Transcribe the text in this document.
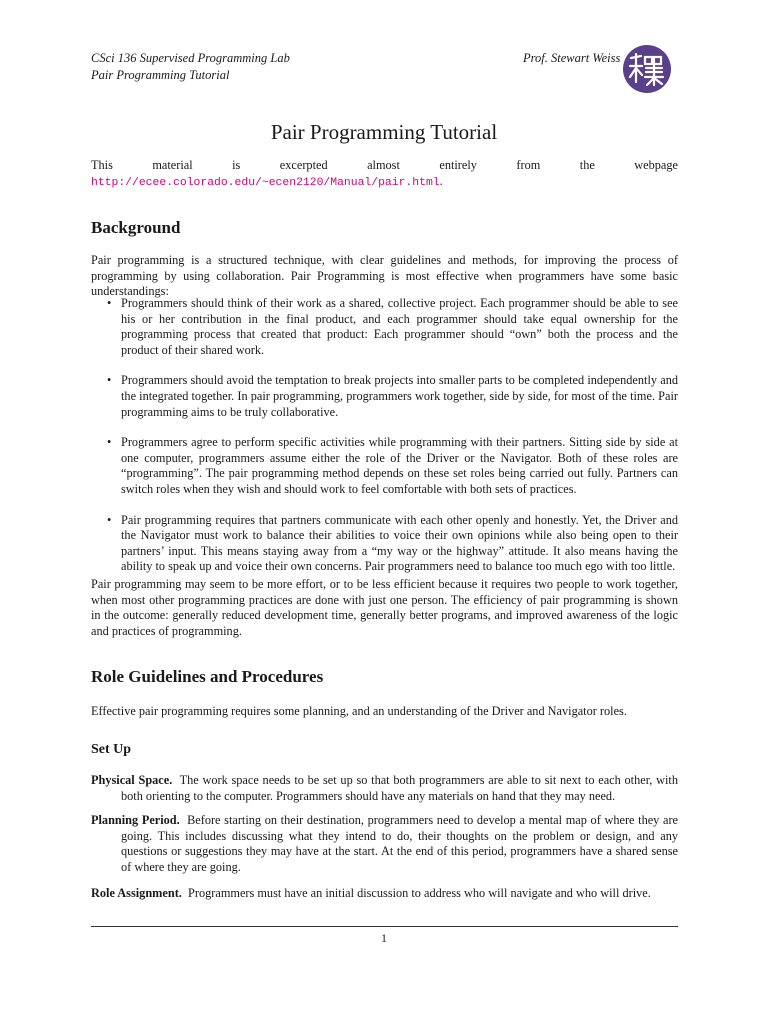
CSci 136 Supervised Programming Lab
Pair Programming Tutorial
Prof. Stewart Weiss
Pair Programming Tutorial
This material is excerpted almost entirely from the webpage http://ecee.colorado.edu/~ecen2120/Manual/pair.html.
Background
Pair programming is a structured technique, with clear guidelines and methods, for improving the process of programming by using collaboration. Pair Programming is most effective when programmers have some basic understandings:
• Programmers should think of their work as a shared, collective project. Each programmer should be able to see his or her contribution in the final product, and each programmer should take equal ownership for the programming process that created that product: Each programmer should “own” both the process and the product of their shared work.
• Programmers should avoid the temptation to break projects into smaller parts to be completed independently and the integrated together. In pair programming, programmers work together, side by side, for most of the time. Pair programming aims to be truly collaborative.
• Programmers agree to perform specific activities while programming with their partners. Sitting side by side at one computer, programmers assume either the role of the Driver or the Navigator. Both of these roles are “programming”. The pair programming method depends on these set roles being carried out fully. Partners can switch roles when they wish and should work to feel comfortable with both sets of practices.
• Pair programming requires that partners communicate with each other openly and honestly. Yet, the Driver and the Navigator must work to balance their abilities to voice their own opinions while also being open to their partners’ input. This means staying away from a “my way or the highway” attitude. It also means having the ability to speak up and voice their own concerns. Pair programmers need to balance too much ego with too little.
Pair programming may seem to be more effort, or to be less efficient because it requires two people to work together, when most other programming practices are done with just one person. The efficiency of pair programming is shown in the outcome: generally reduced development time, generally better programs, and improved awareness of the logic and practices of programming.
Role Guidelines and Procedures
Effective pair programming requires some planning, and an understanding of the Driver and Navigator roles.
Set Up
Physical Space. The work space needs to be set up so that both programmers are able to sit next to each other, with both orienting to the computer. Programmers should have any materials on hand that they may need.
Planning Period. Before starting on their destination, programmers need to develop a mental map of where they are going. This includes discussing what they intend to do, their thoughts on the problem or design, and any questions or suggestions they may have at the start. At the end of this period, programmers have a shared sense of where they are going.
Role Assignment. Programmers must have an initial discussion to address who will navigate and who will drive.
1
